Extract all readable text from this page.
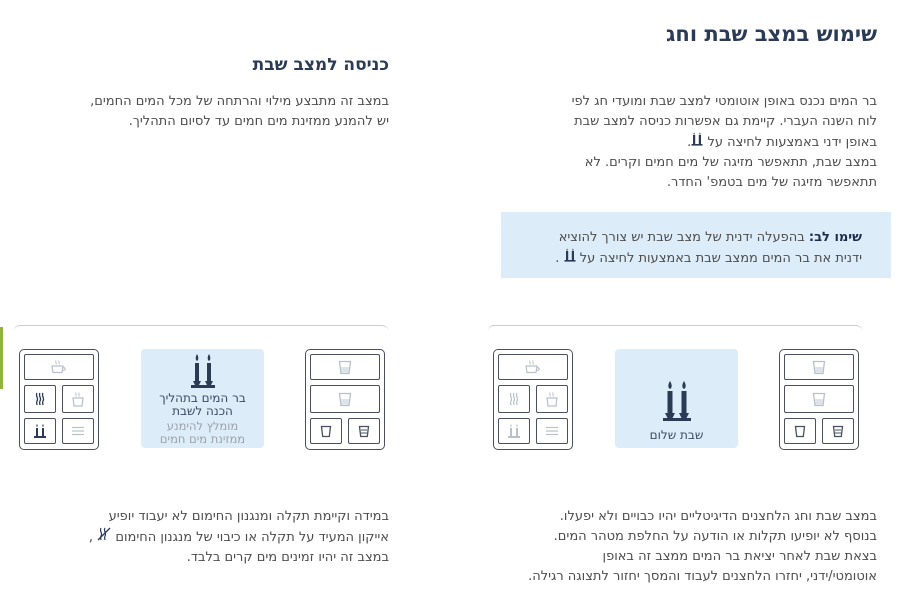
שימוש במצב שבת וחג
כניסה למצב שבת
בר המים נכנס באופן אוטומטי למצב שבת ומועדי חג לפי
לוח השנה העברי. קיימת גם אפשרות כניסה למצב שבת
באופן ידני באמצעות לחיצה על .
במצב שבת, תתאפשר מזיגה של מים חמים וקרים. לא
תתאפשר מזיגה של מים בטמפ' החדר.
במצב זה מתבצע מילוי והרתחה של מכל המים החמים,
יש להמנע ממזינת מים חמים עד לסיום התהליך.
שימו לב: בהפעלה ידנית של מצב שבת יש צורך להוציא
ידנית את בר המים ממצב שבת באמצעות לחיצה על  .
שבת שלום
בר המים בתהליך
הכנה לשבת
מומלץ להימנע
ממזינת מים חמים
במצב שבת וחג הלחצנים הדיגיטליים יהיו כבויים ולא יפעלו.
בנוסף לא יופיעו תקלות או הודעה על החלפת מטהר המים.
בצאת שבת לאחר יציאת בר המים ממצב זה באופן
אוטומטי/ידני, יחזרו הלחצנים לעבוד והמסך יחזור לתצוגה רגילה.
במידה וקיימת תקלה ומנגנון החימום לא יעבוד יופיע
אייקון המעיד על תקלה או כיבוי של מנגנון החימום  ,
במצב זה יהיו זמינים מים קרים בלבד.
